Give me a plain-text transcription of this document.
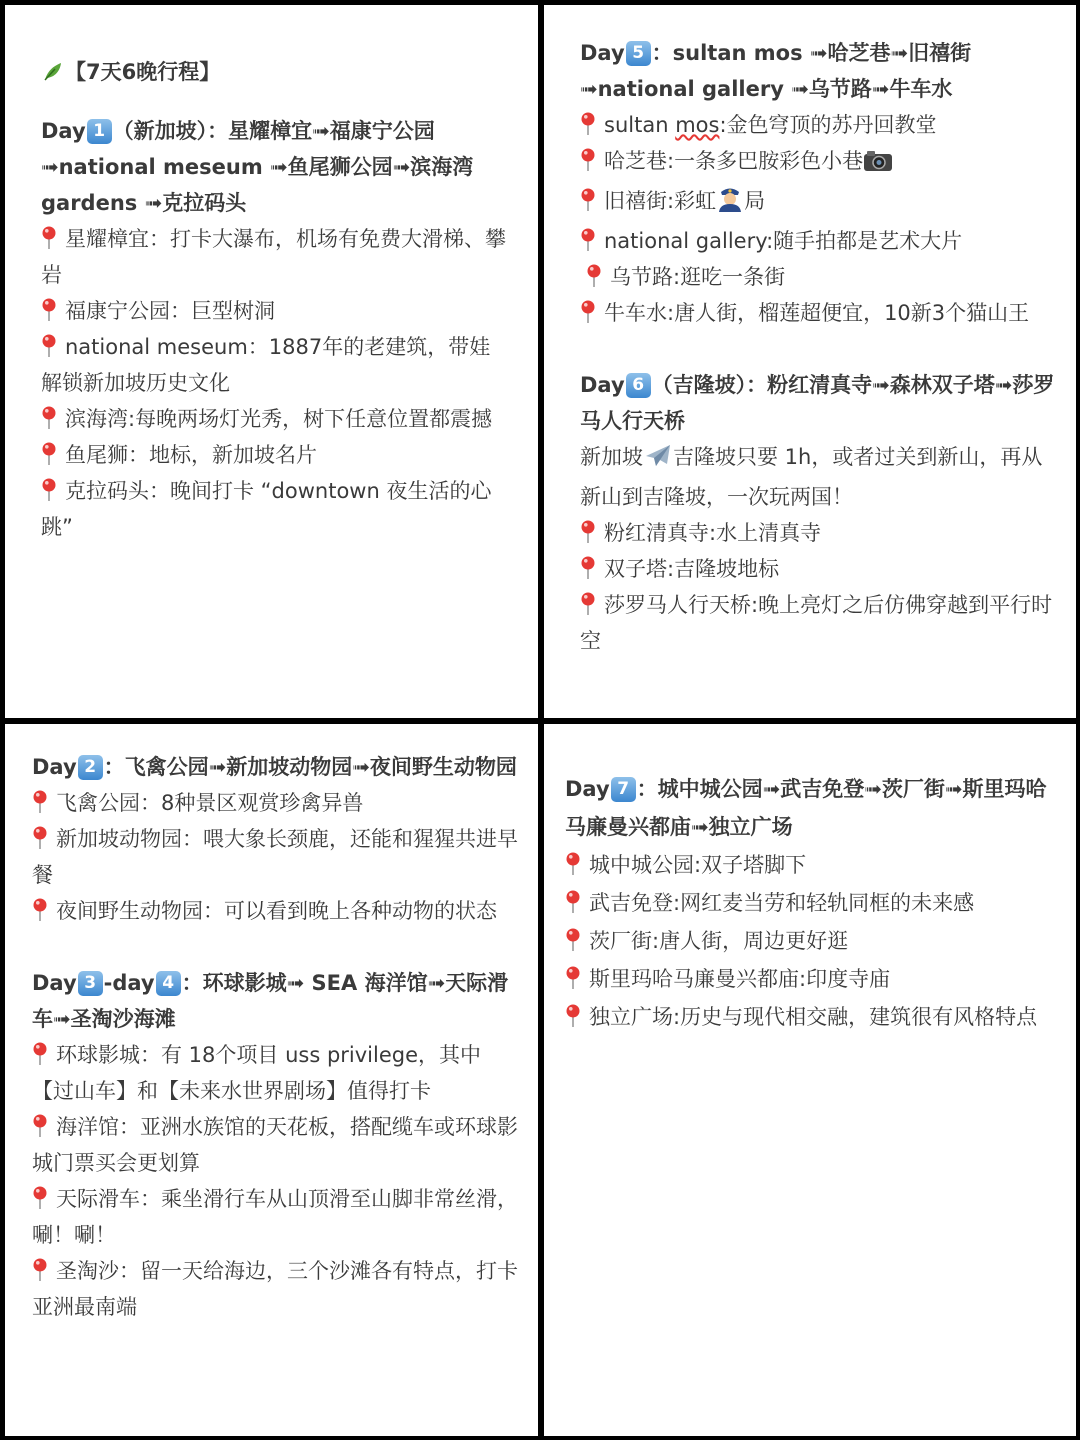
【7天6晚行程】
Day 1 （新加坡）：星耀樟宜➟福康宁公园➟national meseum ➟鱼尾狮公园➟滨海湾 gardens ➟克拉码头
星耀樟宜：打卡大瀑布，机场有免费大滑梯、攀岩
福康宁公园：巨型树洞
national meseum：1887年的老建筑，带娃解锁新加坡历史文化
滨海湾:每晚两场灯光秀，树下任意位置都震撼
鱼尾狮：地标，新加坡名片
克拉码头：晚间打卡 “downtown 夜生活的心跳”
Day 5 ：sultan mos ➟哈芝巷➟旧禧街➟national gallery ➟乌节路➟牛车水
sultan mos:金色穹顶的苏丹回教堂
哈芝巷:一条多巴胺彩色小巷
旧禧街:彩虹 局
national gallery:随手拍都是艺术大片
乌节路:逛吃一条街
牛车水:唐人街，榴莲超便宜，10新3个猫山王
Day 6 （吉隆坡）：粉红清真寺➟森林双子塔➟莎罗马人行天桥
新加坡 吉隆坡只要 1h，或者过关到新山，再从新山到吉隆坡，一次玩两国！
粉红清真寺:水上清真寺
双子塔:吉隆坡地标
莎罗马人行天桥:晚上亮灯之后仿佛穿越到平行时空
Day 2 ：飞禽公园➟新加坡动物园➟夜间野生动物园
飞禽公园：8种景区观赏珍禽异兽
新加坡动物园：喂大象长颈鹿，还能和猩猩共进早餐
夜间野生动物园：可以看到晚上各种动物的状态
Day 3 -day 4 ：环球影城➟ SEA 海洋馆➟天际滑车➟圣淘沙海滩
环球影城：有 18个项目 uss privilege，其中【过山车】和【未来水世界剧场】值得打卡
海洋馆：亚洲水族馆的天花板，搭配缆车或环球影城门票买会更划算
天际滑车：乘坐滑行车从山顶滑至山脚非常丝滑，唰！唰！
圣淘沙：留一天给海边，三个沙滩各有特点，打卡亚洲最南端
Day 7 ：城中城公园➟武吉免登➟茨厂街➟斯里玛哈马廉曼兴都庙➟独立广场
城中城公园:双子塔脚下
武吉免登:网红麦当劳和轻轨同框的未来感
茨厂街:唐人街，周边更好逛
斯里玛哈马廉曼兴都庙:印度寺庙
独立广场:历史与现代相交融，建筑很有风格特点
